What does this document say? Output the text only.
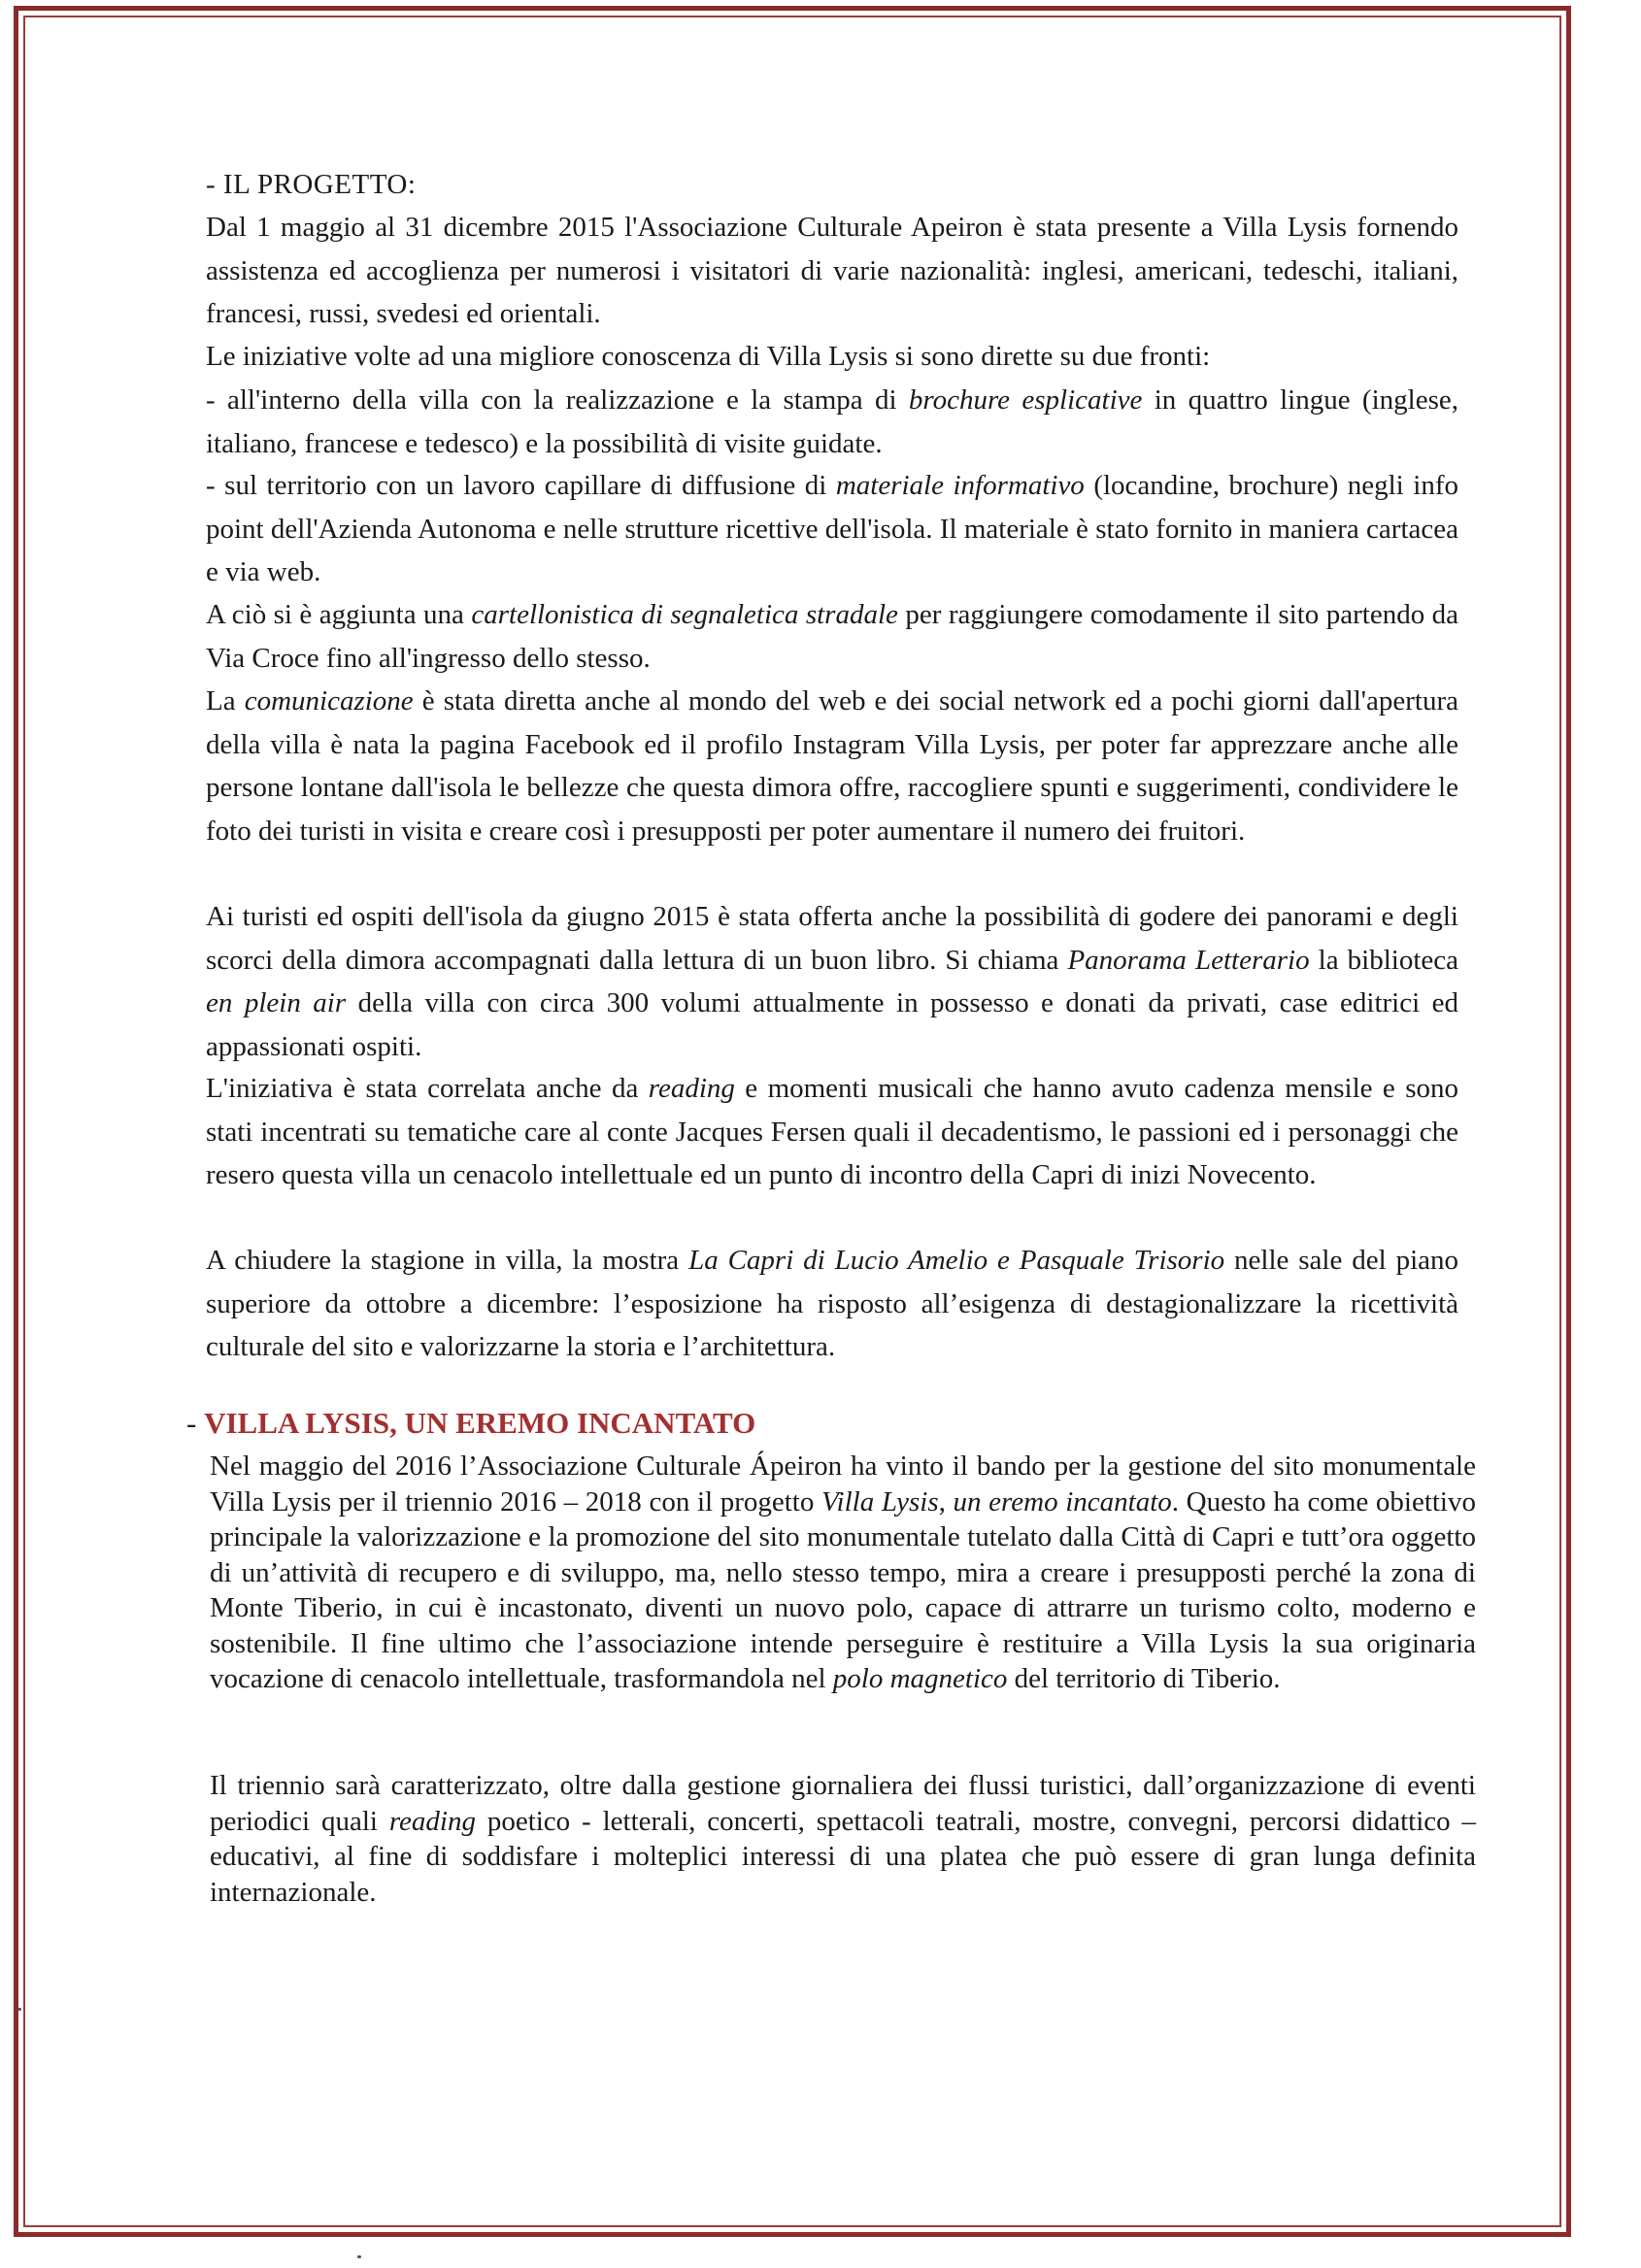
- IL PROGETTO:

Dal 1 maggio al 31 dicembre 2015 l'Associazione Culturale Apeiron è stata presente a Villa Lysis fornendo assistenza ed accoglienza per numerosi i visitatori di varie nazionalità: inglesi, americani, tedeschi, italiani, francesi, russi, svedesi ed orientali.

Le iniziative volte ad una migliore conoscenza di Villa Lysis si sono dirette su due fronti:

- all'interno della villa con la realizzazione e la stampa di brochure esplicative in quattro lingue (inglese, italiano, francese e tedesco) e la possibilità di visite guidate.

- sul territorio con un lavoro capillare di diffusione di materiale informativo (locandine, brochure) negli info point dell'Azienda Autonoma e nelle strutture ricettive dell'isola. Il materiale è stato fornito in maniera cartacea e via web.

A ciò si è aggiunta una cartellonistica di segnaletica stradale per raggiungere comodamente il sito partendo da Via Croce fino all'ingresso dello stesso.

La comunicazione è stata diretta anche al mondo del web e dei social network ed a pochi giorni dall'apertura della villa è nata la pagina Facebook ed il profilo Instagram Villa Lysis, per poter far apprezzare anche alle persone lontane dall'isola le bellezze che questa dimora offre, raccogliere spunti e suggerimenti, condividere le foto dei turisti in visita e creare così i presupposti per poter aumentare il numero dei fruitori.

Ai turisti ed ospiti dell'isola da giugno 2015 è stata offerta anche la possibilità di godere dei panorami e degli scorci della dimora accompagnati dalla lettura di un buon libro. Si chiama Panorama Letterario la biblioteca en plein air della villa con circa 300 volumi attualmente in possesso e donati da privati, case editrici ed appassionati ospiti.

L'iniziativa è stata correlata anche da reading e momenti musicali che hanno avuto cadenza mensile e sono stati incentrati su tematiche care al conte Jacques Fersen quali il decadentismo, le passioni ed i personaggi che resero questa villa un cenacolo intellettuale ed un punto di incontro della Capri di inizi Novecento.

A chiudere la stagione in villa, la mostra La Capri di Lucio Amelio e Pasquale Trisorio nelle sale del piano superiore da ottobre a dicembre: l’esposizione ha risposto all’esigenza di destagionalizzare la ricettività culturale del sito e valorizzarne la storia e l’architettura.

- VILLA LYSIS, UN EREMO INCANTATO

Nel maggio del 2016 l’Associazione Culturale Ápeiron ha vinto il bando per la gestione del sito monumentale Villa Lysis per il triennio 2016 – 2018 con il progetto Villa Lysis, un eremo incantato. Questo ha come obiettivo principale la valorizzazione e la promozione del sito monumentale tutelato dalla Città di Capri e tutt’ora oggetto di un’attività di recupero e di sviluppo, ma, nello stesso tempo, mira a creare i presupposti perché la zona di Monte Tiberio, in cui è incastonato, diventi un nuovo polo, capace di attrarre un turismo colto, moderno e sostenibile. Il fine ultimo che l’associazione intende perseguire è restituire a Villa Lysis la sua originaria vocazione di cenacolo intellettuale, trasformandola nel polo magnetico del territorio di Tiberio.

Il triennio sarà caratterizzato, oltre dalla gestione giornaliera dei flussi turistici, dall’organizzazione di eventi periodici quali reading poetico - letterali, concerti, spettacoli teatrali, mostre, convegni, percorsi didattico – educativi, al fine di soddisfare i molteplici interessi di una platea che può essere di gran lunga definita internazionale.
